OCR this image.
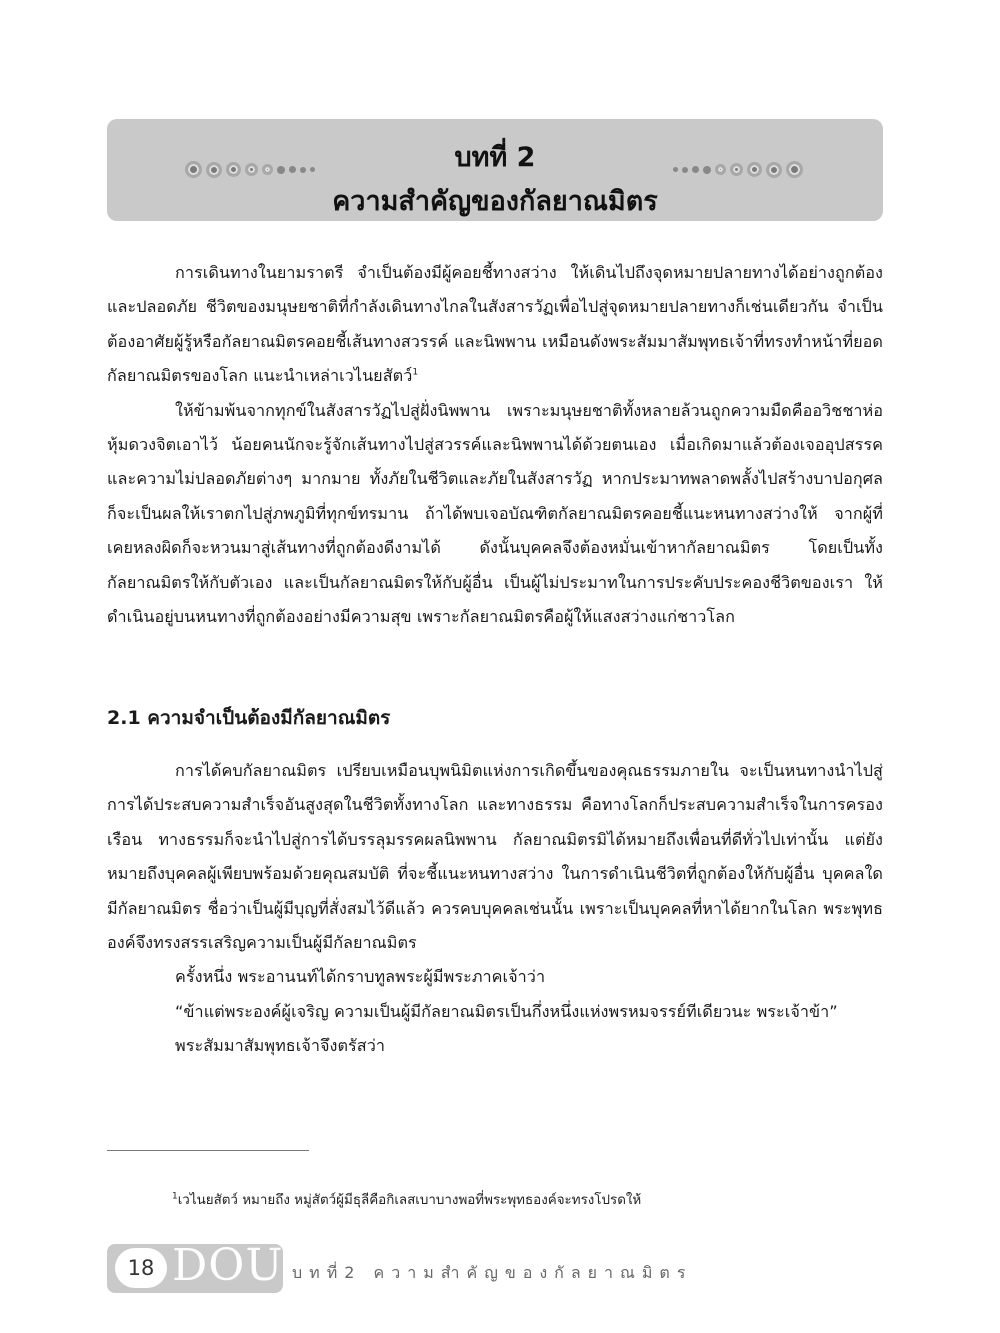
บทที่ 2
ความสำคัญของกัลยาณมิตร

การเดินทางในยามราตรี จำเป็นต้องมีผู้คอยชี้ทางสว่าง ให้เดินไปถึงจุดหมายปลายทางได้อย่างถูกต้องและปลอดภัย ชีวิตของมนุษยชาติที่กำลังเดินทางไกลในสังสารวัฏเพื่อไปสู่จุดหมายปลายทางก็เช่นเดียวกัน จำเป็นต้องอาศัยผู้รู้หรือกัลยาณมิตรคอยชี้เส้นทางสวรรค์ และนิพพาน เหมือนดังพระสัมมาสัมพุทธเจ้าที่ทรงทำหน้าที่ยอดกัลยาณมิตรของโลก แนะนำเหล่าเวไนยสัตว์$^1$

ให้ข้ามพ้นจากทุกข์ในสังสารวัฏไปสู่ฝั่งนิพพาน เพราะมนุษยชาติทั้งหลายล้วนถูกความมืดคืออวิชชาห่อหุ้มดวงจิตเอาไว้ น้อยคนนักจะรู้จักเส้นทางไปสู่สวรรค์และนิพพานได้ด้วยตนเอง เมื่อเกิดมาแล้วต้องเจออุปสรรคและความไม่ปลอดภัยต่างๆ มากมาย ทั้งภัยในชีวิตและภัยในสังสารวัฏ หากประมาทพลาดพลั้งไปสร้างบาปอกุศล ก็จะเป็นผลให้เราตกไปสู่ภพภูมิที่ทุกข์ทรมาน ถ้าได้พบเจอบัณฑิตกัลยาณมิตรคอยชี้แนะหนทางสว่างให้ จากผู้ที่เคยหลงผิดก็จะหวนมาสู่เส้นทางที่ถูกต้องดีงามได้ ดังนั้นบุคคลจึงต้องหมั่นเข้าหากัลยาณมิตร โดยเป็นทั้งกัลยาณมิตรให้กับตัวเอง และเป็นกัลยาณมิตรให้กับผู้อื่น เป็นผู้ไม่ประมาทในการประคับประคองชีวิตของเรา ให้ดำเนินอยู่บนหนทางที่ถูกต้องอย่างมีความสุข เพราะกัลยาณมิตรคือผู้ให้แสงสว่างแก่ชาวโลก

2.1 ความจำเป็นต้องมีกัลยาณมิตร

การได้คบกัลยาณมิตร เปรียบเหมือนบุพนิมิตแห่งการเกิดขึ้นของคุณธรรมภายใน จะเป็นหนทางนำไปสู่การได้ประสบความสำเร็จอันสูงสุดในชีวิตทั้งทางโลก และทางธรรม คือทางโลกก็ประสบความสำเร็จในการครองเรือน ทางธรรมก็จะนำไปสู่การได้บรรลุมรรคผลนิพพาน กัลยาณมิตรมิได้หมายถึงเพื่อนที่ดีทั่วไปเท่านั้น แต่ยังหมายถึงบุคคลผู้เพียบพร้อมด้วยคุณสมบัติ ที่จะชี้แนะหนทางสว่าง ในการดำเนินชีวิตที่ถูกต้องให้กับผู้อื่น บุคคลใดมีกัลยาณมิตร ชื่อว่าเป็นผู้มีบุญที่สั่งสมไว้ดีแล้ว ควรคบบุคคลเช่นนั้น เพราะเป็นบุคคลที่หาได้ยากในโลก พระพุทธองค์จึงทรงสรรเสริญความเป็นผู้มีกัลยาณมิตร

ครั้งหนึ่ง พระอานนท์ได้กราบทูลพระผู้มีพระภาคเจ้าว่า

“ข้าแต่พระองค์ผู้เจริญ ความเป็นผู้มีกัลยาณมิตรเป็นกึ่งหนึ่งแห่งพรหมจรรย์ทีเดียวนะ พระเจ้าข้า”

พระสัมมาสัมพุทธเจ้าจึงตรัสว่า

$^1$เวไนยสัตว์ หมายถึง หมู่สัตว์ผู้มีธุลีคือกิเลสเบาบางพอที่พระพุทธองค์จะทรงโปรดให้
18 DOU บทที่2 ความสำคัญของกัลยาณมิตร
